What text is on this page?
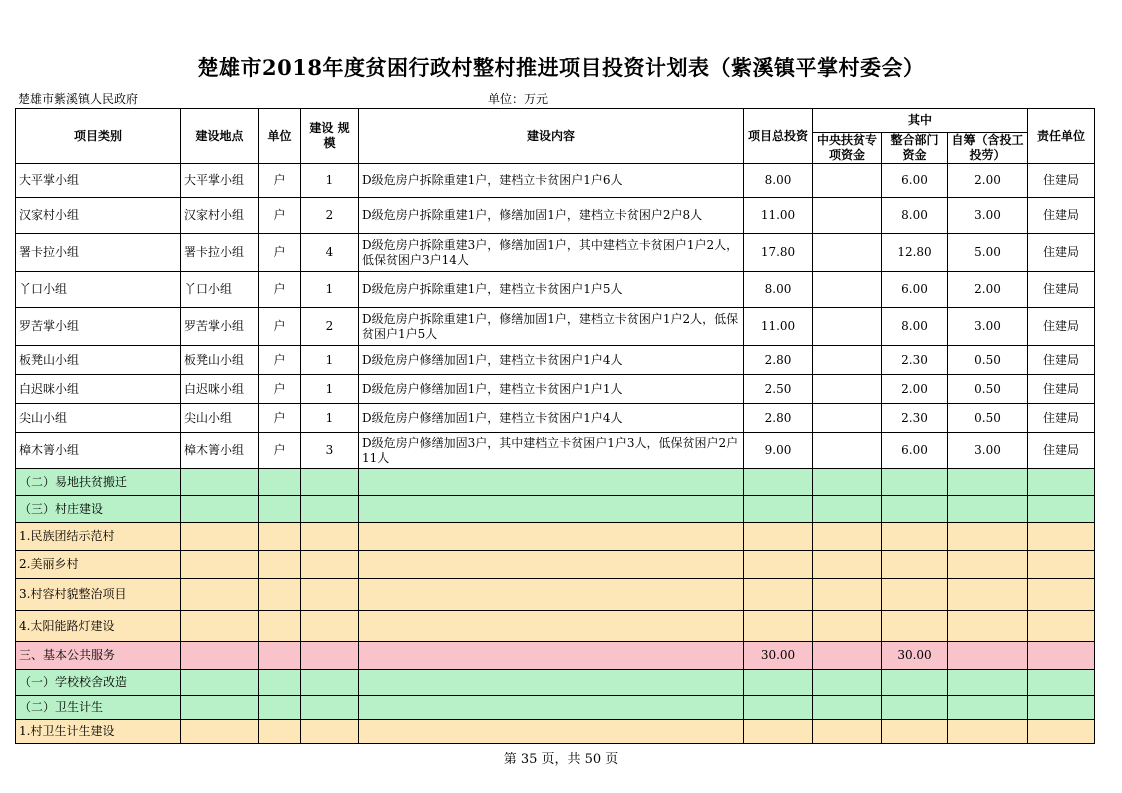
楚雄市2018年度贫困行政村整村推进项目投资计划表（紫溪镇平掌村委会）
楚雄市紫溪镇人民政府	单位：万元
项目类别	建设地点	单位	建设 规模	建设内容	项目总投资	其中			责任单位
						中央扶贫专项资金	整合部门资金	自筹（含投工投劳）	
大平掌小组	大平掌小组	户	1	D级危房户拆除重建1户，建档立卡贫困户1户6人	8.00		6.00	2.00	住建局
汉家村小组	汉家村小组	户	2	D级危房户拆除重建1户，修缮加固1户，建档立卡贫困户2户8人	11.00		8.00	3.00	住建局
署卡拉小组	署卡拉小组	户	4	D级危房户拆除重建3户，修缮加固1户，其中建档立卡贫困户1户2人，低保贫困户3户14人	17.80		12.80	5.00	住建局
丫口小组	丫口小组	户	1	D级危房户拆除重建1户，建档立卡贫困户1户5人	8.00		6.00	2.00	住建局
罗苦掌小组	罗苦掌小组	户	2	D级危房户拆除重建1户，修缮加固1户，建档立卡贫困户1户2人，低保贫困户1户5人	11.00		8.00	3.00	住建局
板凳山小组	板凳山小组	户	1	D级危房户修缮加固1户，建档立卡贫困户1户4人	2.80		2.30	0.50	住建局
白迟咪小组	白迟咪小组	户	1	D级危房户修缮加固1户，建档立卡贫困户1户1人	2.50		2.00	0.50	住建局
尖山小组	尖山小组	户	1	D级危房户修缮加固1户，建档立卡贫困户1户4人	2.80		2.30	0.50	住建局
樟木箐小组	樟木箐小组	户	3	D级危房户修缮加固3户，其中建档立卡贫困户1户3人，低保贫困户2户11人	9.00		6.00	3.00	住建局
（二）易地扶贫搬迁									
（三）村庄建设									
1.民族团结示范村									
2.美丽乡村									
3.村容村貌整治项目									
4.太阳能路灯建设									
三、基本公共服务					30.00		30.00		
（一）学校校舍改造									
（二）卫生计生									
1.村卫生计生建设									
第 35 页，共 50 页
